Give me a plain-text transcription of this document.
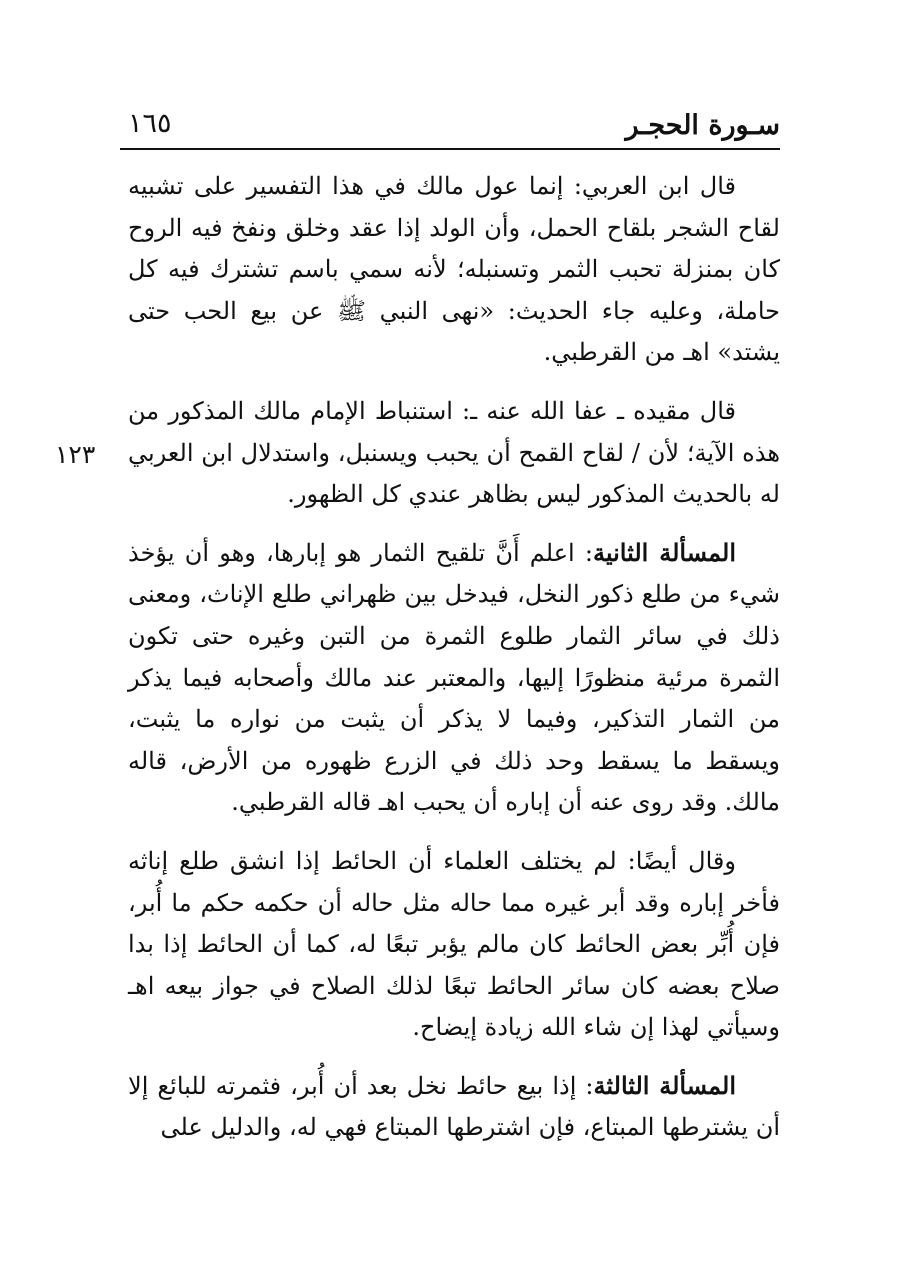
سـورة الحجـر
١٦٥
١٢٣

قال ابن العربي: إنما عول مالك في هذا التفسير على تشبيه لقاح الشجر بلقاح الحمل، وأن الولد إذا عقد وخلق ونفخ فيه الروح كان بمنزلة تحبب الثمر وتسنبله؛ لأنه سمي باسم تشترك فيه كل حاملة، وعليه جاء الحديث: «نهى النبي ﷺ عن بيع الحب حتى يشتد» اهـ من القرطبي.

قال مقيده ـ عفا الله عنه ـ: استنباط الإمام مالك المذكور من هذه الآية؛ لأن / لقاح القمح أن يحبب ويسنبل، واستدلال ابن العربي له بالحديث المذكور ليس بظاهر عندي كل الظهور.

المسألة الثانية: اعلم أَنَّ تلقيح الثمار هو إبارها، وهو أن يؤخذ شيء من طلع ذكور النخل، فيدخل بين ظهراني طلع الإناث، ومعنى ذلك في سائر الثمار طلوع الثمرة من التبن وغيره حتى تكون الثمرة مرئية منظورًا إليها، والمعتبر عند مالك وأصحابه فيما يذكر من الثمار التذكير، وفيما لا يذكر أن يثبت من نواره ما يثبت، ويسقط ما يسقط وحد ذلك في الزرع ظهوره من الأرض، قاله مالك. وقد روى عنه أن إباره أن يحبب اهـ قاله القرطبي.

وقال أيضًا: لم يختلف العلماء أن الحائط إذا انشق طلع إناثه فأخر إباره وقد أبر غيره مما حاله مثل حاله أن حكمه حكم ما أُبر، فإن أُبِّر بعض الحائط كان مالم يؤبر تبعًا له، كما أن الحائط إذا بدا صلاح بعضه كان سائر الحائط تبعًا لذلك الصلاح في جواز بيعه اهـ وسيأتي لهذا إن شاء الله زيادة إيضاح.

المسألة الثالثة: إذا بيع حائط نخل بعد أن أُبر، فثمرته للبائع إلا أن يشترطها المبتاع، فإن اشترطها المبتاع فهي له، والدليل على
